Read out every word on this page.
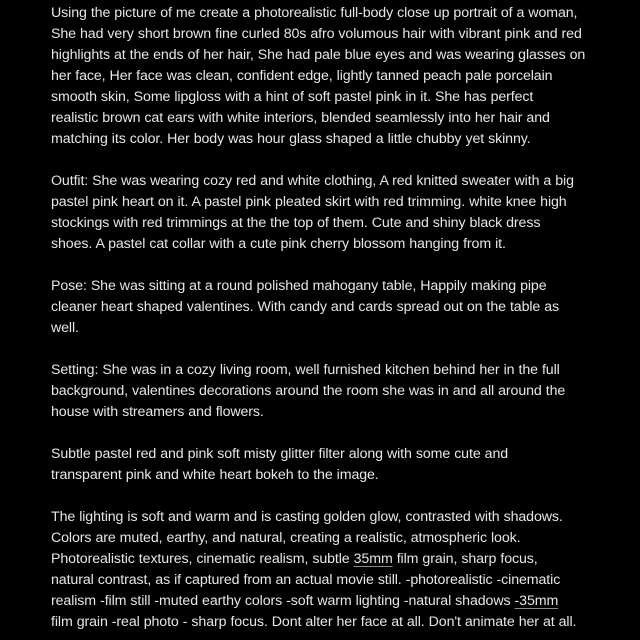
Using the picture of me create a photorealistic full-body close up portrait of a woman,
She had very short brown fine curled 80s afro volumous hair with vibrant pink and red
highlights at the ends of her hair, She had pale blue eyes and was wearing glasses on
her face, Her face was clean, confident edge, lightly tanned peach pale porcelain
smooth skin, Some lipgloss with a hint of soft pastel pink in it. She has perfect
realistic brown cat ears with white interiors, blended seamlessly into her hair and
matching its color. Her body was hour glass shaped a little chubby yet skinny.
Outfit: She was wearing cozy red and white clothing, A red knitted sweater with a big
pastel pink heart on it. A pastel pink pleated skirt with red trimming. white knee high
stockings with red trimmings at the the top of them. Cute and shiny black dress
shoes. A pastel cat collar with a cute pink cherry blossom hanging from it.
Pose: She was sitting at a round polished mahogany table, Happily making pipe
cleaner heart shaped valentines. With candy and cards spread out on the table as
well.
Setting: She was in a cozy living room, well furnished kitchen behind her in the full
background, valentines decorations around the room she was in and all around the
house with streamers and flowers.
Subtle pastel red and pink soft misty glitter filter along with some cute and
transparent pink and white heart bokeh to the image.
The lighting is soft and warm and is casting golden glow, contrasted with shadows.
Colors are muted, earthy, and natural, creating a realistic, atmospheric look.
Photorealistic textures, cinematic realism, subtle 35mm film grain, sharp focus,
natural contrast, as if captured from an actual movie still. -photorealistic -cinematic
realism -film still -muted earthy colors -soft warm lighting -natural shadows -35mm
film grain -real photo - sharp focus. Dont alter her face at all. Don't animate her at all.
